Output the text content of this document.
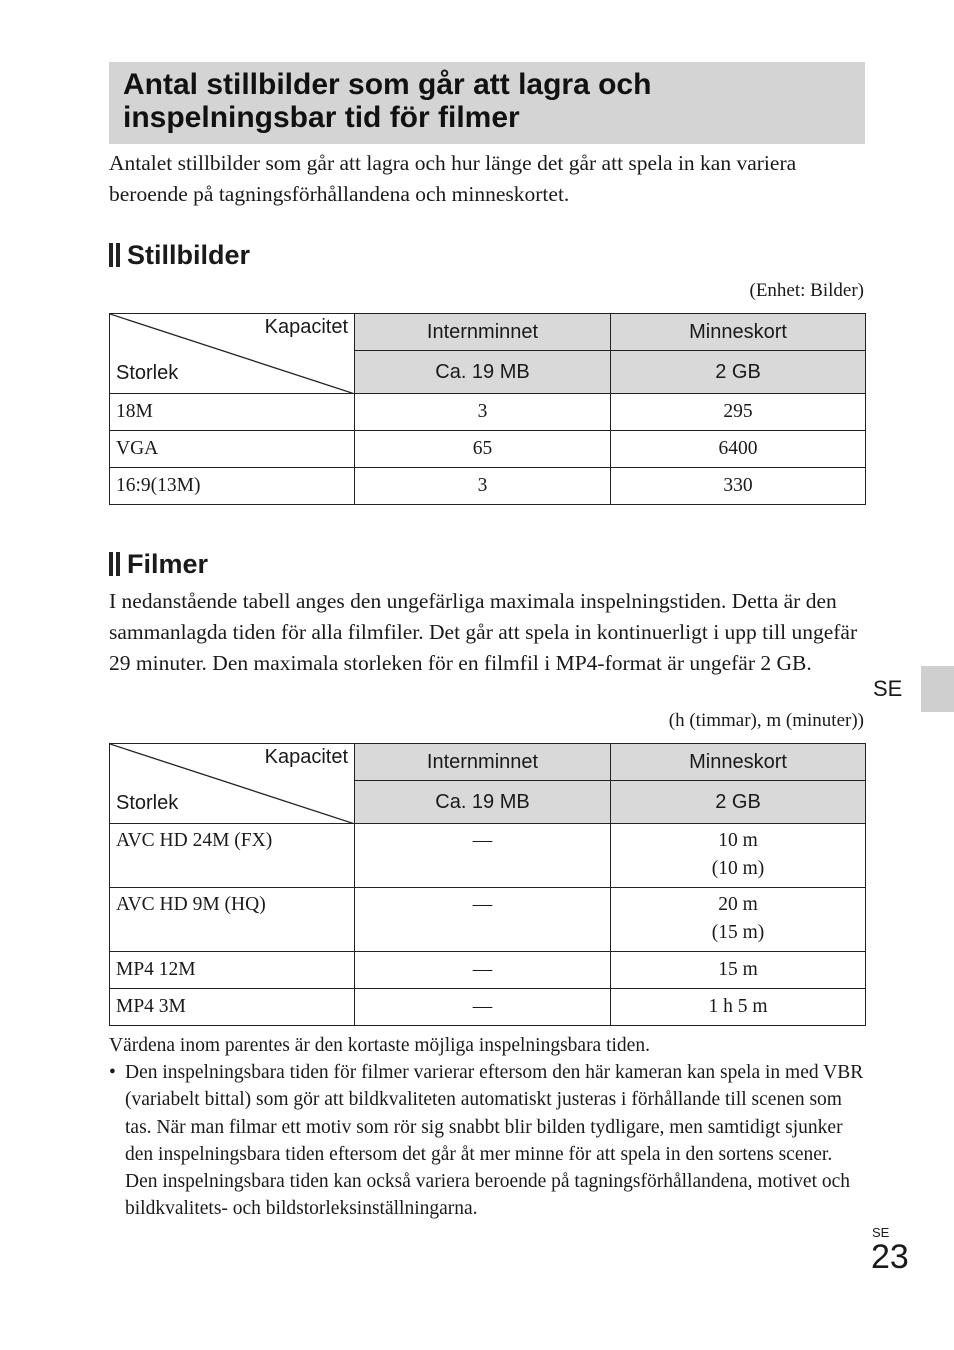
Antal stillbilder som går att lagra och inspelningsbar tid för filmer

Antalet stillbilder som går att lagra och hur länge det går att spela in kan variera beroende på tagningsförhållandena och minneskortet.

Stillbilder
(Enhet: Bilder)
Kapacitet
Storlek	Internminnet	Minneskort
	Ca. 19 MB	2 GB
18M	3	295
VGA	65	6400
16:9(13M)	3	330
Filmer

I nedanstående tabell anges den ungefärliga maximala inspelningstiden. Detta är den sammanlagda tiden för alla filmfiler. Det går att spela in kontinuerligt i upp till ungefär 29 minuter. Den maximala storleken för en filmfil i MP4-format är ungefär 2 GB.

(h (timmar), m (minuter))
Kapacitet
Storlek	Internminnet	Minneskort
	Ca. 19 MB	2 GB
AVC HD 24M (FX)	—	10 m
(10 m)

AVC HD 9M (HQ)	—	20 m
(15 m)

MP4 12M	—	15 m
MP4 3M	—	1 h 5 m
SE

Värdena inom parentes är den kortaste möjliga inspelningsbara tiden.

• Den inspelningsbara tiden för filmer varierar eftersom den här kameran kan spela in med VBR (variabelt bittal) som gör att bildkvaliteten automatiskt justeras i förhållande till scenen som tas. När man filmar ett motiv som rör sig snabbt blir bilden tydligare, men samtidigt sjunker den inspelningsbara tiden eftersom det går åt mer minne för att spela in den sortens scener.
Den inspelningsbara tiden kan också variera beroende på tagningsförhållandena, motivet och bildkvalitets- och bildstorleksinställningarna.
SE
23
